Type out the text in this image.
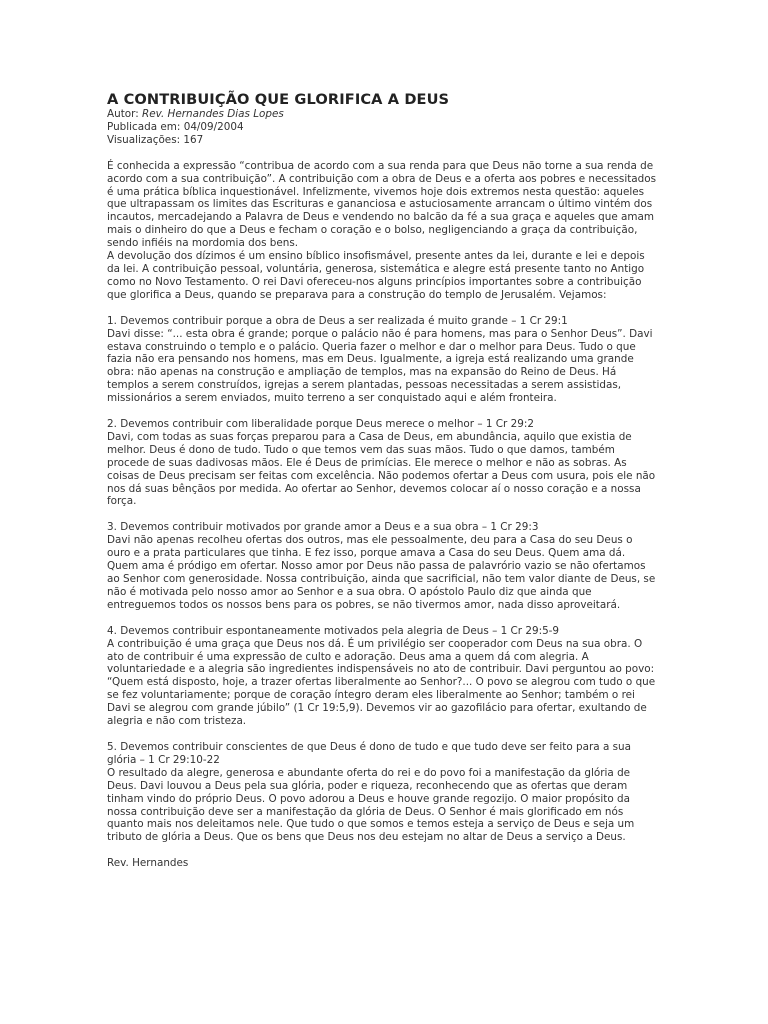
A CONTRIBUIÇÃO QUE GLORIFICA A DEUS

Autor: Rev. Hernandes Dias Lopes

Publicada em: 04/09/2004

Visualizações: 167

É conhecida a expressão “contribua de acordo com a sua renda para que Deus não torne a sua renda de acordo com a sua contribuição”. A contribuição com a obra de Deus e a oferta aos pobres e necessitados é uma prática bíblica inquestionável. Infelizmente, vivemos hoje dois extremos nesta questão: aqueles que ultrapassam os limites das Escrituras e gananciosa e astuciosamente arrancam o último vintém dos incautos, mercadejando a Palavra de Deus e vendendo no balcão da fé a sua graça e aqueles que amam mais o dinheiro do que a Deus e fecham o coração e o bolso, negligenciando a graça da contribuição, sendo infiéis na mordomia dos bens.

A devolução dos dízimos é um ensino bíblico insofismável, presente antes da lei, durante e lei e depois da lei. A contribuição pessoal, voluntária, generosa, sistemática e alegre está presente tanto no Antigo como no Novo Testamento. O rei Davi ofereceu-nos alguns princípios importantes sobre a contribuição que glorifica a Deus, quando se preparava para a construção do templo de Jerusalém. Vejamos:

1. Devemos contribuir porque a obra de Deus a ser realizada é muito grande – 1 Cr 29:1

Davi disse: “... esta obra é grande; porque o palácio não é para homens, mas para o Senhor Deus”. Davi estava construindo o templo e o palácio. Queria fazer o melhor e dar o melhor para Deus. Tudo o que fazia não era pensando nos homens, mas em Deus. Igualmente, a igreja está realizando uma grande obra: não apenas na construção e ampliação de templos, mas na expansão do Reino de Deus. Há templos a serem construídos, igrejas a serem plantadas, pessoas necessitadas a serem assistidas, missionários a serem enviados, muito terreno a ser conquistado aqui e além fronteira.

2. Devemos contribuir com liberalidade porque Deus merece o melhor – 1 Cr 29:2

Davi, com todas as suas forças preparou para a Casa de Deus, em abundância, aquilo que existia de melhor. Deus é dono de tudo. Tudo o que temos vem das suas mãos. Tudo o que damos, também procede de suas dadivosas mãos. Ele é Deus de primícias. Ele merece o melhor e não as sobras. As coisas de Deus precisam ser feitas com excelência. Não podemos ofertar a Deus com usura, pois ele não nos dá suas bênçãos por medida. Ao ofertar ao Senhor, devemos colocar aí o nosso coração e a nossa força.

3. Devemos contribuir motivados por grande amor a Deus e a sua obra – 1 Cr 29:3

Davi não apenas recolheu ofertas dos outros, mas ele pessoalmente, deu para a Casa do seu Deus o ouro e a prata particulares que tinha. E fez isso, porque amava a Casa do seu Deus. Quem ama dá. Quem ama é pródigo em ofertar. Nosso amor por Deus não passa de palavrório vazio se não ofertamos ao Senhor com generosidade. Nossa contribuição, ainda que sacrificial, não tem valor diante de Deus, se não é motivada pelo nosso amor ao Senhor e a sua obra. O apóstolo Paulo diz que ainda que entreguemos todos os nossos bens para os pobres, se não tivermos amor, nada disso aproveitará.

4. Devemos contribuir espontaneamente motivados pela alegria de Deus – 1 Cr 29:5-9

A contribuição é uma graça que Deus nos dá. É um privilégio ser cooperador com Deus na sua obra. O ato de contribuir é uma expressão de culto e adoração. Deus ama a quem dá com alegria. A voluntariedade e a alegria são ingredientes indispensáveis no ato de contribuir. Davi perguntou ao povo: “Quem está disposto, hoje, a trazer ofertas liberalmente ao Senhor?... O povo se alegrou com tudo o que se fez voluntariamente; porque de coração íntegro deram eles liberalmente ao Senhor; também o rei Davi se alegrou com grande júbilo” (1 Cr 19:5,9). Devemos vir ao gazofilácio para ofertar, exultando de alegria e não com tristeza.

5. Devemos contribuir conscientes de que Deus é dono de tudo e que tudo deve ser feito para a sua glória – 1 Cr 29:10-22

O resultado da alegre, generosa e abundante oferta do rei e do povo foi a manifestação da glória de Deus. Davi louvou a Deus pela sua glória, poder e riqueza, reconhecendo que as ofertas que deram tinham vindo do próprio Deus. O povo adorou a Deus e houve grande regozijo. O maior propósito da nossa contribuição deve ser a manifestação da glória de Deus. O Senhor é mais glorificado em nós quanto mais nos deleitamos nele. Que tudo o que somos e temos esteja a serviço de Deus e seja um tributo de glória a Deus. Que os bens que Deus nos deu estejam no altar de Deus a serviço a Deus.

Rev. Hernandes
